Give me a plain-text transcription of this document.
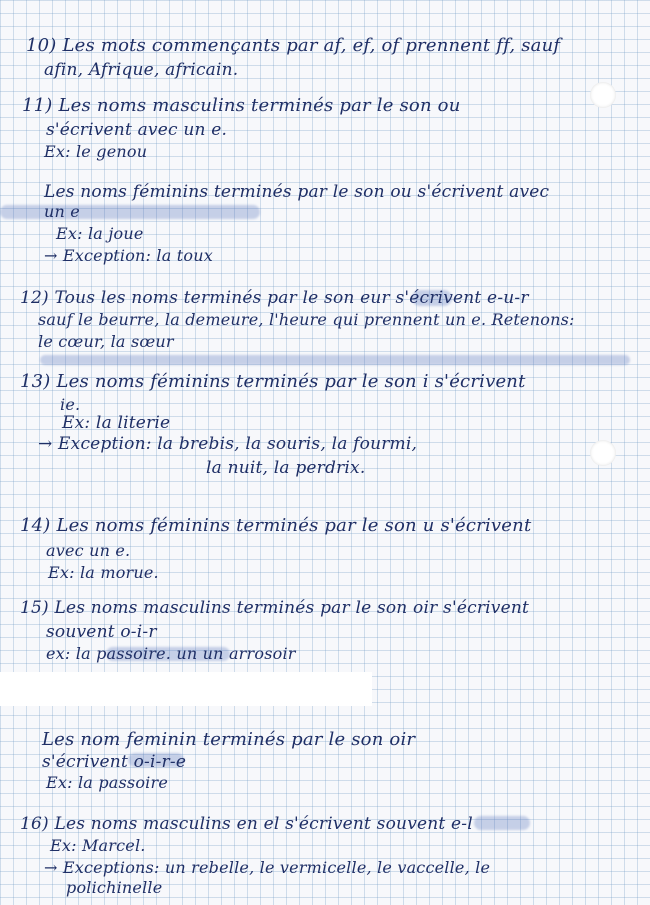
10) Les mots commençants par af, ef, of prennent ff, sauf
afin, Afrique, africain.
11) Les noms masculins terminés par le son ou
s'écrivent avec un e.
Ex: le genou
Les noms féminins terminés par le son ou s'écrivent avec
un e
Ex: la joue
→ Exception: la toux
12) Tous les noms terminés par le son eur s'écrivent e-u-r
sauf le beurre, la demeure, l'heure qui prennent un e. Retenons:
le cœur, la sœur
13) Les noms féminins terminés par le son i s'écrivent
ie.
Ex: la literie
→ Exception: la brebis, la souris, la fourmi,
la nuit, la perdrix.
14) Les noms féminins terminés par le son u s'écrivent
avec un e.
Ex: la morue.
15) Les noms masculins terminés par le son oir s'écrivent
souvent o-i-r
ex: la passoire. un un arrosoir
Les nom feminin terminés par le son oir
s'écrivent o-i-r-e
Ex: la passoire
16) Les noms masculins en el s'écrivent souvent e-l
Ex: Marcel.
→ Exceptions: un rebelle, le vermicelle, le vaccelle, le
polichinelle
